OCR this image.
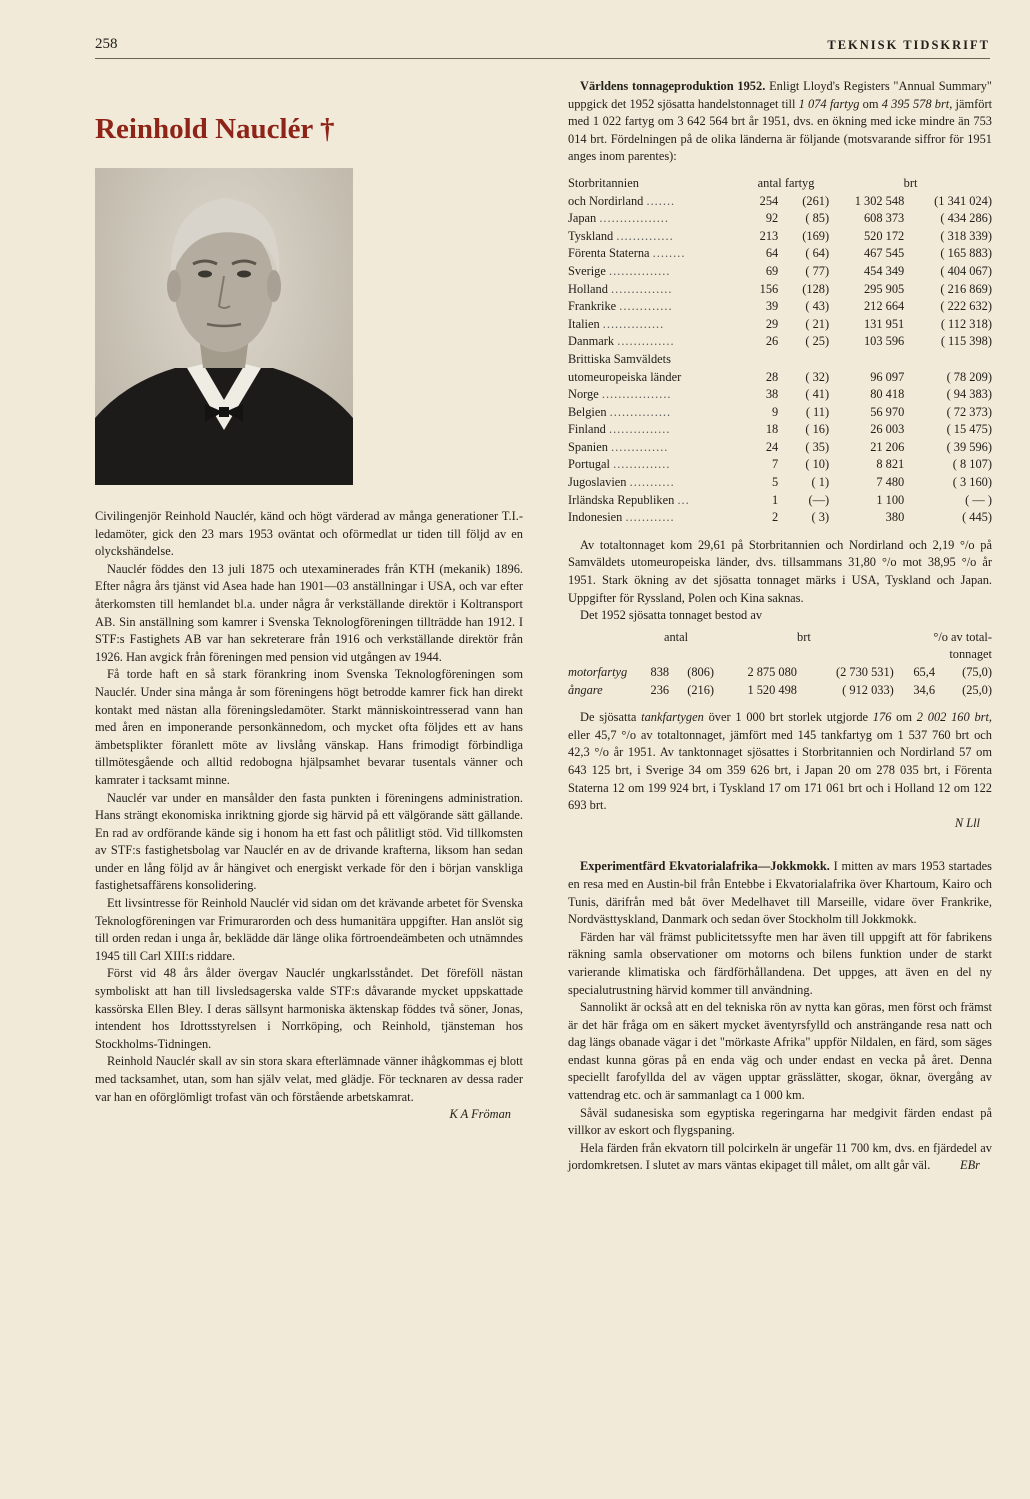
258	TEKNISK TIDSKRIFT
Reinhold Nauclér †

Civilingenjör Reinhold Nauclér, känd och högt värderad av många generationer T.I.-ledamöter, gick den 23 mars 1953 oväntat och oförmedlat ur tiden till följd av en olyckshändelse.

Nauclér föddes den 13 juli 1875 och utexaminerades från KTH (mekanik) 1896. Efter några års tjänst vid Asea hade han 1901—03 anställningar i USA, och var efter återkomsten till hemlandet bl.a. under några år verkställande direktör i Koltransport AB. Sin anställning som kamrer i Svenska Teknologföreningen tillträdde han 1912. I STF:s Fastighets AB var han sekreterare från 1916 och verkställande direktör från 1926. Han avgick från föreningen med pension vid utgången av 1944.

Få torde haft en så stark förankring inom Svenska Teknologföreningen som Nauclér. Under sina många år som föreningens högt betrodde kamrer fick han direkt kontakt med nästan alla föreningsledamöter. Starkt människointresserad vann han med åren en imponerande personkännedom, och mycket ofta följdes ett av hans ämbetsplikter föranlett möte av livslång vänskap. Hans frimodigt förbindliga tillmötesgående och alltid redobogna hjälpsamhet bevarar tusentals vänner och kamrater i tacksamt minne.

Nauclér var under en mansålder den fasta punkten i föreningens administration. Hans strängt ekonomiska inriktning gjorde sig härvid på ett välgörande sätt gällande. En rad av ordförande kände sig i honom ha ett fast och pålitligt stöd. Vid tillkomsten av STF:s fastighetsbolag var Nauclér en av de drivande krafterna, liksom han sedan under en lång följd av år hängivet och energiskt verkade för den i början vanskliga fastighetsaffärens konsolidering.

Ett livsintresse för Reinhold Nauclér vid sidan om det krävande arbetet för Svenska Teknologföreningen var Frimurarorden och dess humanitära uppgifter. Han anslöt sig till orden redan i unga år, beklädde där länge olika förtroendeämbeten och utnämndes 1945 till Carl XIII:s riddare.

Först vid 48 års ålder övergav Nauclér ungkarlsståndet. Det föreföll nästan symboliskt att han till livsledsagerska valde STF:s dåvarande mycket uppskattade kassörska Ellen Bley. I deras sällsynt harmoniska äktenskap föddes två söner, Jonas, intendent hos Idrottsstyrelsen i Norrköping, och Reinhold, tjänsteman hos Stockholms-Tidningen.

Reinhold Nauclér skall av sin stora skara efterlämnade vänner ihågkommas ej blott med tacksamhet, utan, som han själv velat, med glädje. För tecknaren av dessa rader var han en oförglömligt trofast vän och förstående arbetskamrat.

K A Fröman

Världens tonnageproduktion 1952. Enligt Lloyd's Registers "Annual Summary" uppgick det 1952 sjösatta handelstonnaget till 1 074 fartyg om 4 395 578 brt, jämfört med 1 022 fartyg om 3 642 564 brt år 1951, dvs. en ökning med icke mindre än 753 014 brt. Fördelningen på de olika länderna är följande (motsvarande siffror för 1951 anges inom parentes):

Storbritannien	antal fartyg		brt	
och Nordirland .......	254	(261)	1 302 548	(1 341 024)
Japan .................	92	( 85)	608 373	( 434 286)
Tyskland ..............	213	(169)	520 172	( 318 339)
Förenta Staterna ........	64	( 64)	467 545	( 165 883)
Sverige ...............	69	( 77)	454 349	( 404 067)
Holland ...............	156	(128)	295 905	( 216 869)
Frankrike .............	39	( 43)	212 664	( 222 632)
Italien ...............	29	( 21)	131 951	( 112 318)
Danmark ..............	26	( 25)	103 596	( 115 398)
Brittiska Samväldets				
utomeuropeiska länder	28	( 32)	96 097	( 78 209)
Norge .................	38	( 41)	80 418	( 94 383)
Belgien ...............	9	( 11)	56 970	( 72 373)
Finland ...............	18	( 16)	26 003	( 15 475)
Spanien ..............	24	( 35)	21 206	( 39 596)
Portugal ..............	7	( 10)	8 821	( 8 107)
Jugoslavien ...........	5	( 1)	7 480	( 3 160)
Irländska Republiken ...	1	(—)	1 100	( — )
Indonesien ............	2	( 3)	380	( 445)

Av totaltonnaget kom 29,61 på Storbritannien och Nordirland och 2,19 °/o på Samväldets utomeuropeiska länder, dvs. tillsammans 31,80 °/o mot 38,95 °/o år 1951. Stark ökning av det sjösatta tonnaget märks i USA, Tyskland och Japan. Uppgifter för Ryssland, Polen och Kina saknas.

Det 1952 sjösatta tonnaget bestod av

	antal		brt		°/o av total-	
					tonnaget	
motorfartyg	838	(806)	2 875 080	(2 730 531)	65,4	(75,0)
ångare	236	(216)	1 520 498	( 912 033)	34,6	(25,0)

De sjösatta tankfartygen över 1 000 brt storlek utgjorde 176 om 2 002 160 brt, eller 45,7 °/o av totaltonnaget, jämfört med 145 tankfartyg om 1 537 760 brt och 42,3 °/o år 1951. Av tanktonnaget sjösattes i Storbritannien och Nordirland 57 om 643 125 brt, i Sverige 34 om 359 626 brt, i Japan 20 om 278 035 brt, i Förenta Staterna 12 om 199 924 brt, i Tyskland 17 om 171 061 brt och i Holland 12 om 122 693 brt.

N Lll

Experimentfärd Ekvatorialafrika—Jokkmokk. I mitten av mars 1953 startades en resa med en Austin-bil från Entebbe i Ekvatorialafrika över Khartoum, Kairo och Tunis, därifrån med båt över Medelhavet till Marseille, vidare över Frankrike, Nordvästtyskland, Danmark och sedan över Stockholm till Jokkmokk.

Färden har väl främst publicitetssyfte men har även till uppgift att för fabrikens räkning samla observationer om motorns och bilens funktion under de starkt varierande klimatiska och färdförhållandena. Det uppges, att även en del ny specialutrustning härvid kommer till användning.

Sannolikt är också att en del tekniska rön av nytta kan göras, men först och främst är det här fråga om en säkert mycket äventyrsfylld och ansträngande resa natt och dag längs obanade vägar i det "mörkaste Afrika" uppför Nildalen, en färd, som säges endast kunna göras på en enda väg och under endast en vecka på året. Denna speciellt farofyllda del av vägen upptar grässlätter, skogar, öknar, övergång av vattendrag etc. och är sammanlagt ca 1 000 km.

Såväl sudanesiska som egyptiska regeringarna har medgivit färden endast på villkor av eskort och flygspaning.

Hela färden från ekvatorn till polcirkeln är ungefär 11 700 km, dvs. en fjärdedel av jordomkretsen. I slutet av mars väntas ekipaget till målet, om allt går väl.	EBr
